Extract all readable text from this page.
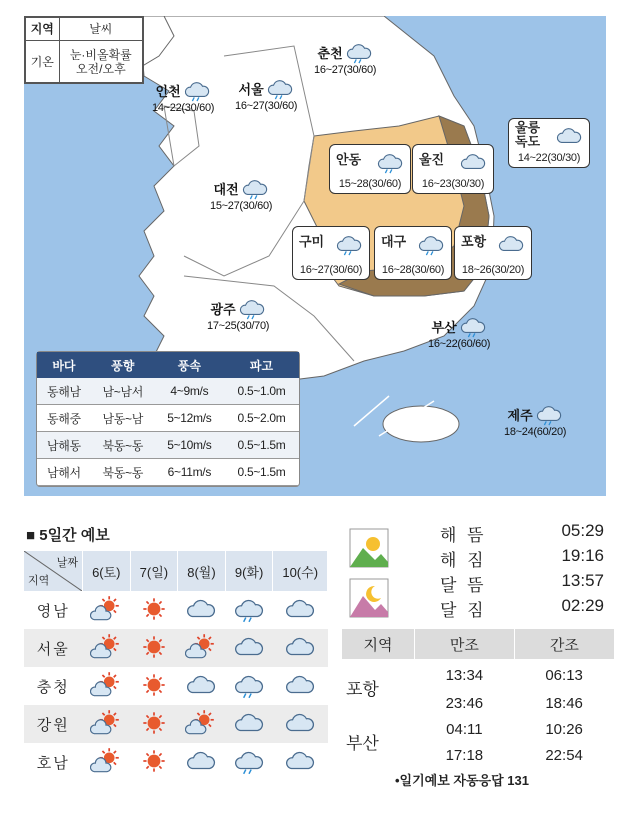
지역	날씨
기온	눈·비올확률
오전/오후
춘천
16~27(30/60)
인천
14~22(30/60)
서울
16~27(30/60)
울릉
독도
14~22(30/30)
안동
15~28(30/60)
울진
16~23(30/30)
대전
15~27(30/60)
구미
16~27(30/60)
대구
16~28(30/60)
포항
18~26(30/20)
광주
17~25(30/70)	부산
16~22(60/60)
제주
18~24(60/20)
바다	풍향	풍속	파고
동해남	남~남서	4~9m/s	0.5~1.0m
동해중	남동~남	5~12m/s	0.5~2.0m
남해동	북동~동	5~10m/s	0.5~1.5m
남해서	북동~동	6~11m/s	0.5~1.5m
■ 5일간 예보
날짜
지역	6(토)	7(일)	8(월)	9(화)	10(수)
영남					
서울					
충청					
강원					
호남					
해 뜸	05:29
해 짐	19:16
달 뜸	13:57
달 짐	02:29
지역	만조	간조
포항	13:34	06:13
	23:46	18:46
부산	04:11	10:26
	17:18	22:54
•일기예보 자동응답 131
